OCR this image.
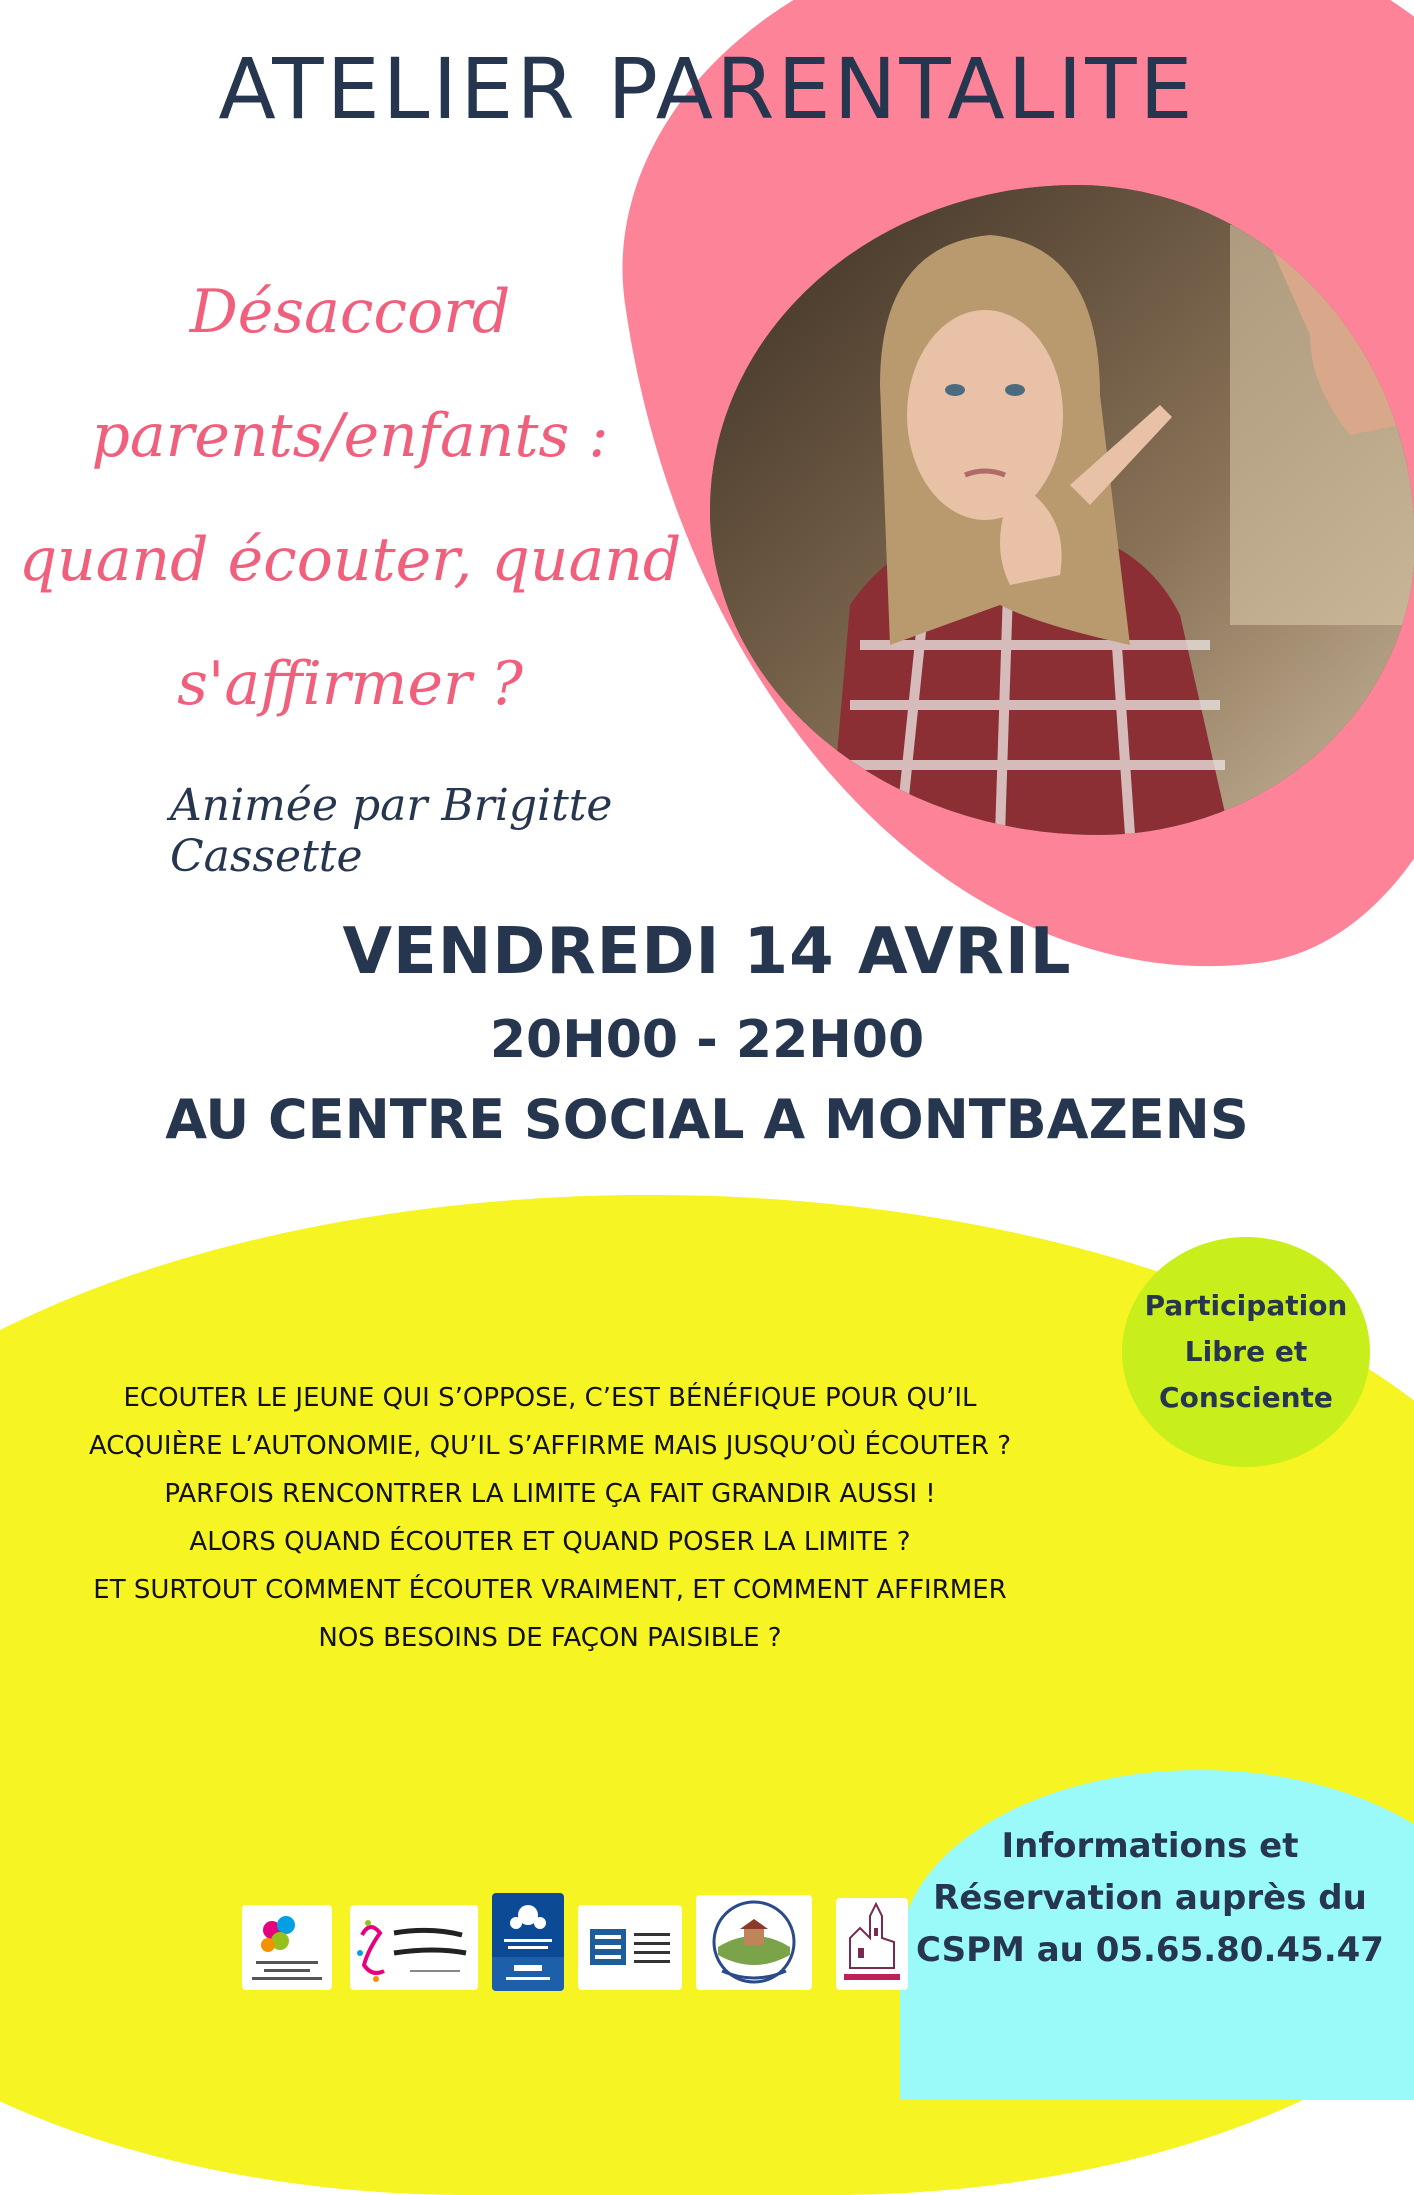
ATELIER PARENTALITE
Désaccord
parents/enfants :
quand écouter, quand
s'affirmer ?
Animée par Brigitte Cassette
VENDREDI 14 AVRIL
20H00 - 22H00
AU CENTRE SOCIAL A MONTBAZENS
Participation
Libre et
Consciente
ECOUTER LE JEUNE QUI S’OPPOSE, C’EST BÉNÉFIQUE POUR QU’IL
ACQUIÈRE L’AUTONOMIE, QU’IL S’AFFIRME MAIS JUSQU’OÙ ÉCOUTER ?
PARFOIS RENCONTRER LA LIMITE ÇA FAIT GRANDIR AUSSI !
ALORS QUAND ÉCOUTER ET QUAND POSER LA LIMITE ?
ET SURTOUT COMMENT ÉCOUTER VRAIMENT, ET COMMENT AFFIRMER
NOS BESOINS DE FAÇON PAISIBLE ?
Informations et
Réservation auprès du
CSPM au 05.65.80.45.47
